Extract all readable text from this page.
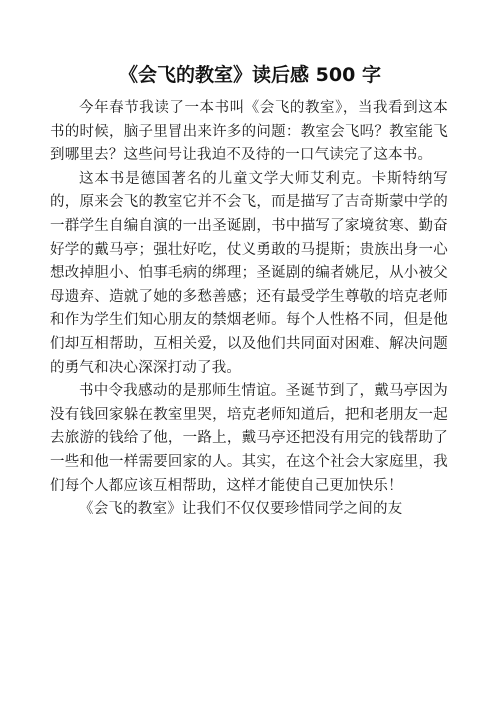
《会飞的教室》读后感 500 字

今年春节我读了一本书叫《会飞的教室》，当我看到这本书的时候，脑子里冒出来许多的问题：教室会飞吗？教室能飞到哪里去？这些问号让我迫不及待的一口气读完了这本书。

这本书是德国著名的儿童文学大师艾利克。卡斯特纳写的，原来会飞的教室它并不会飞，而是描写了吉奇斯蒙中学的一群学生自编自演的一出圣诞剧，书中描写了家境贫寒、勤奋好学的戴马亭；强壮好吃，仗义勇敢的马提斯；贵族出身一心想改掉胆小、怕事毛病的绑理；圣诞剧的编者姚尼，从小被父母遗弃、造就了她的多愁善感；还有最受学生尊敬的培克老师和作为学生们知心朋友的禁烟老师。每个人性格不同，但是他们却互相帮助，互相关爱，以及他们共同面对困难、解决问题的勇气和决心深深打动了我。

书中令我感动的是那师生情谊。圣诞节到了，戴马亭因为没有钱回家躲在教室里哭，培克老师知道后，把和老朋友一起去旅游的钱给了他，一路上，戴马亭还把没有用完的钱帮助了一些和他一样需要回家的人。其实，在这个社会大家庭里，我们每个人都应该互相帮助，这样才能使自己更加快乐！

《会飞的教室》让我们不仅仅要珍惜同学之间的友
